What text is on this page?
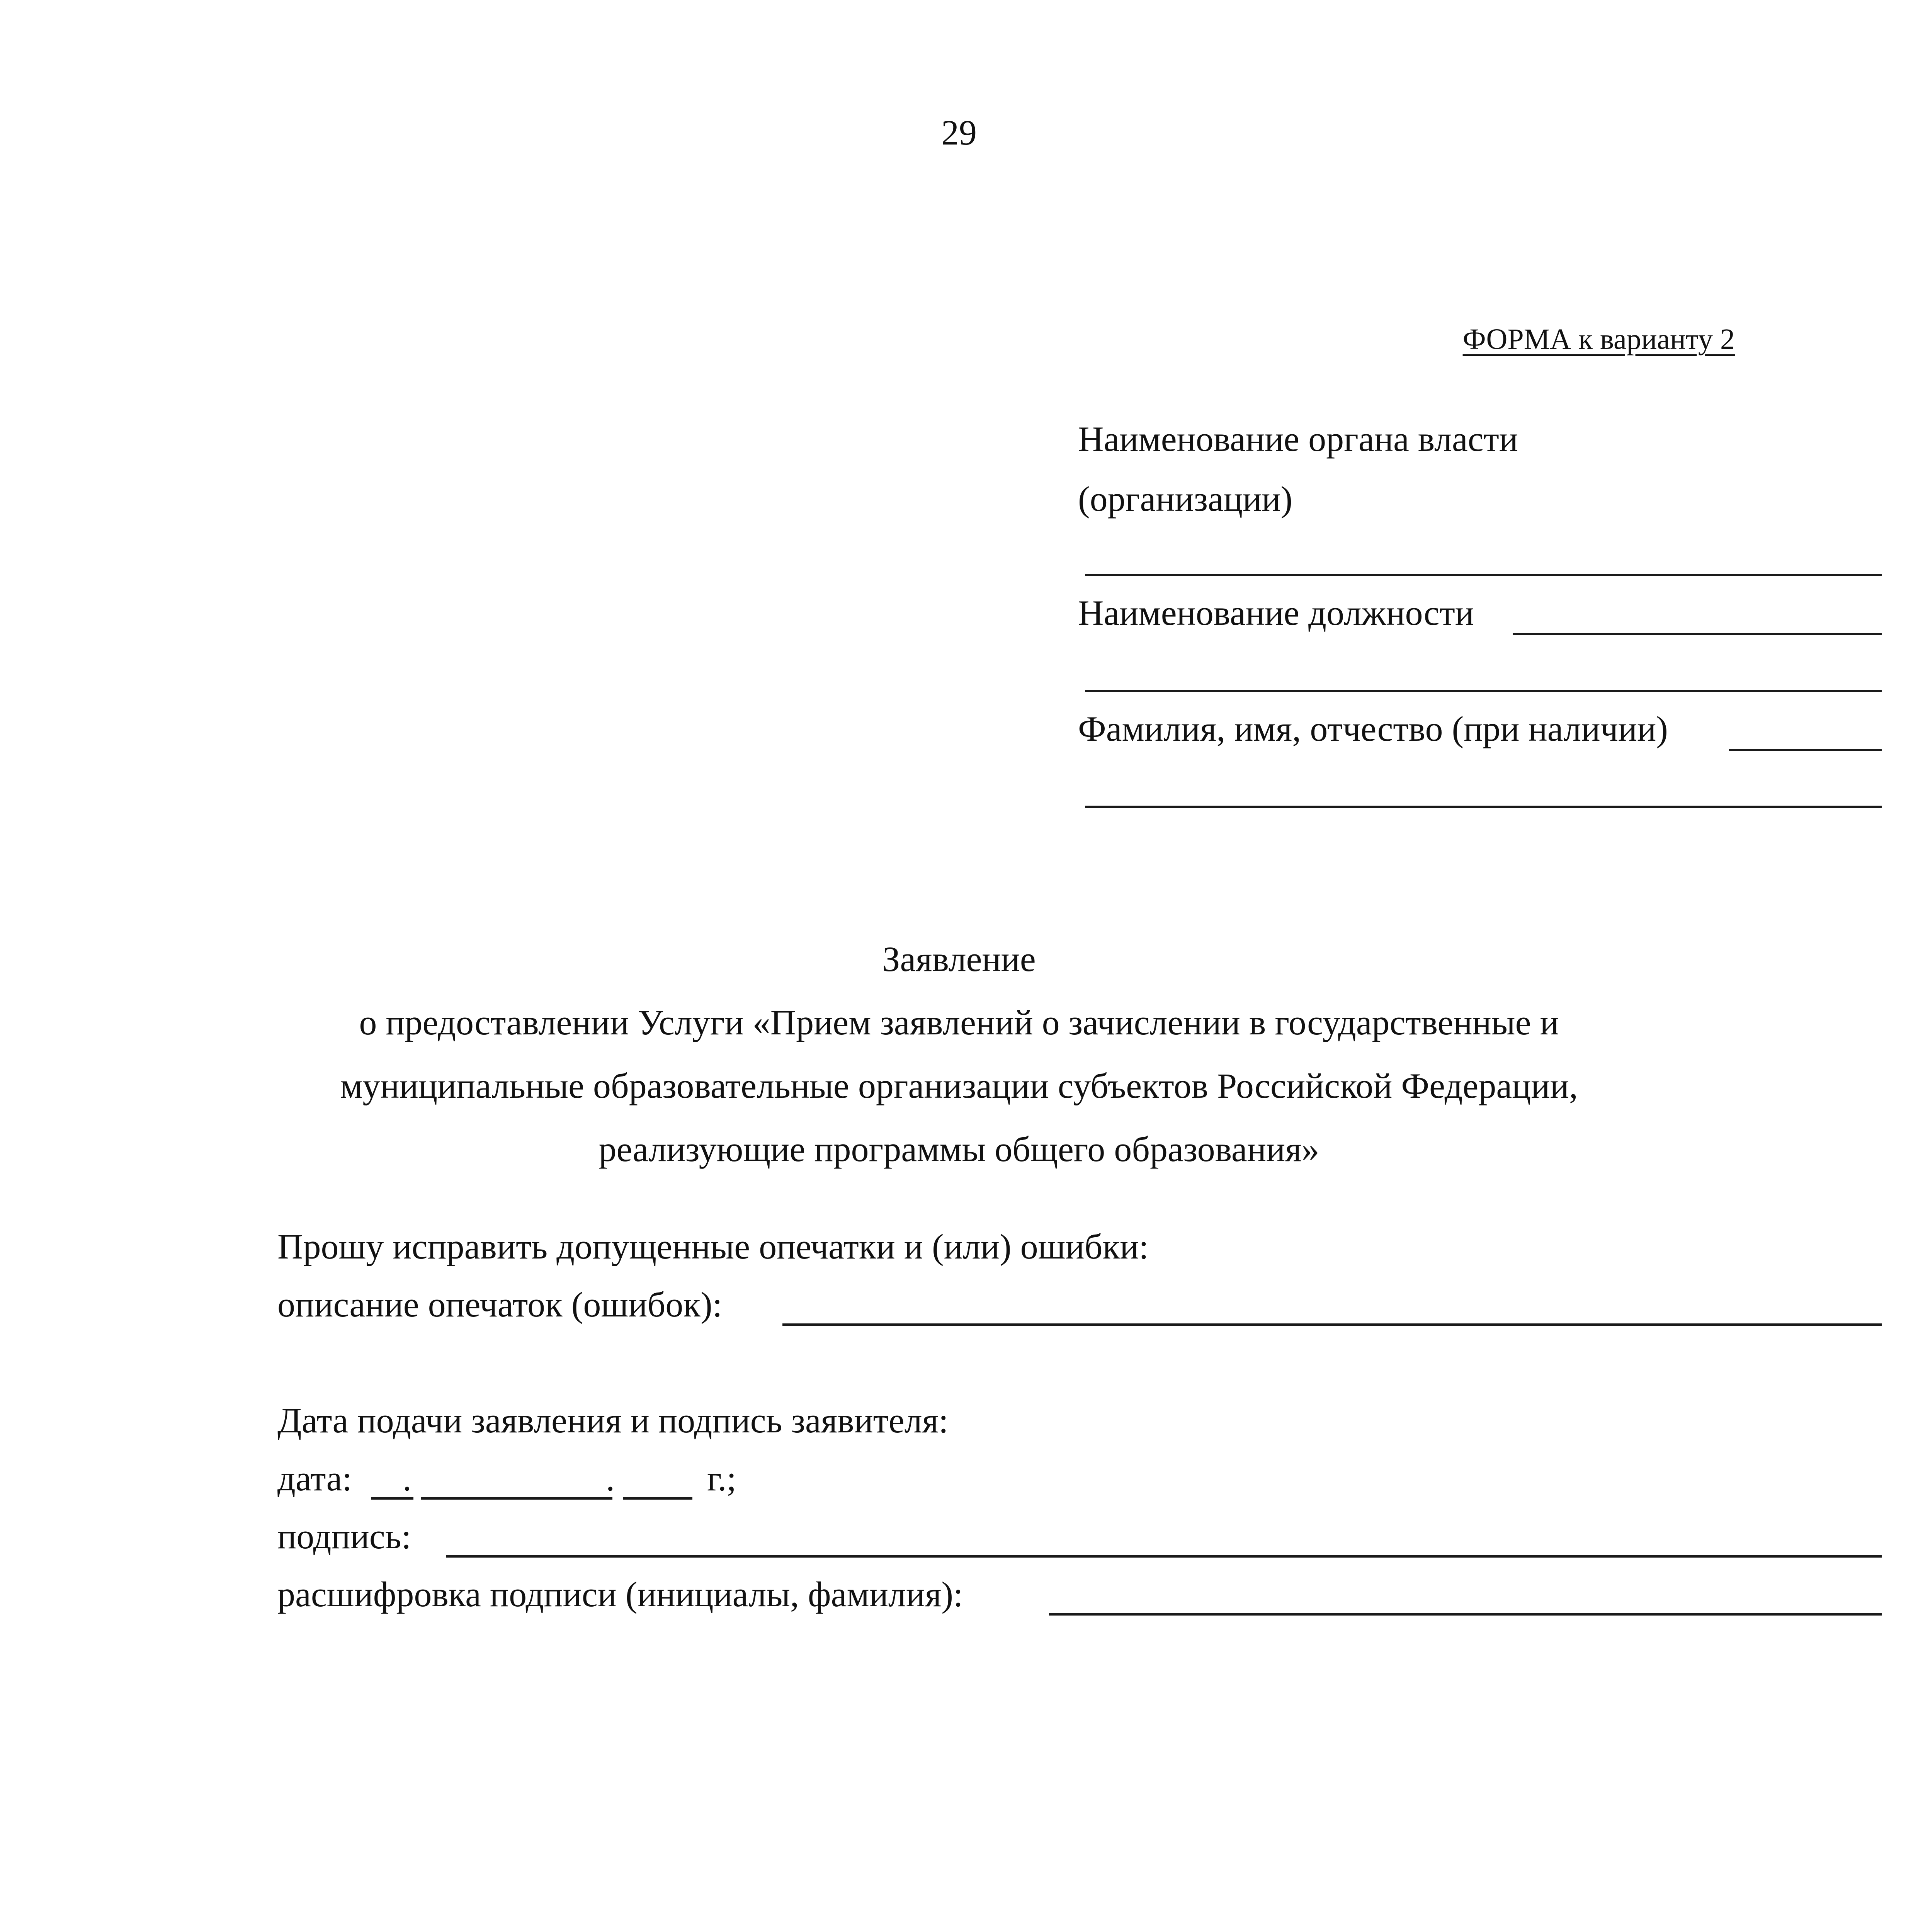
29
ФОРМА к варианту 2
Наименование органа власти
(организации)
Наименование должности
Фамилия, имя, отчество (при наличии)
Заявление
о предоставлении Услуги «Прием заявлений о зачислении в государственные и
муниципальные образовательные организации субъектов Российской Федерации,
реализующие программы общего образования»
Прошу исправить допущенные опечатки и (или) ошибки:
описание опечаток (ошибок):
Дата подачи заявления и подпись заявителя:
дата: .	.	г.;
подпись:
расшифровка подписи (инициалы, фамилия):
